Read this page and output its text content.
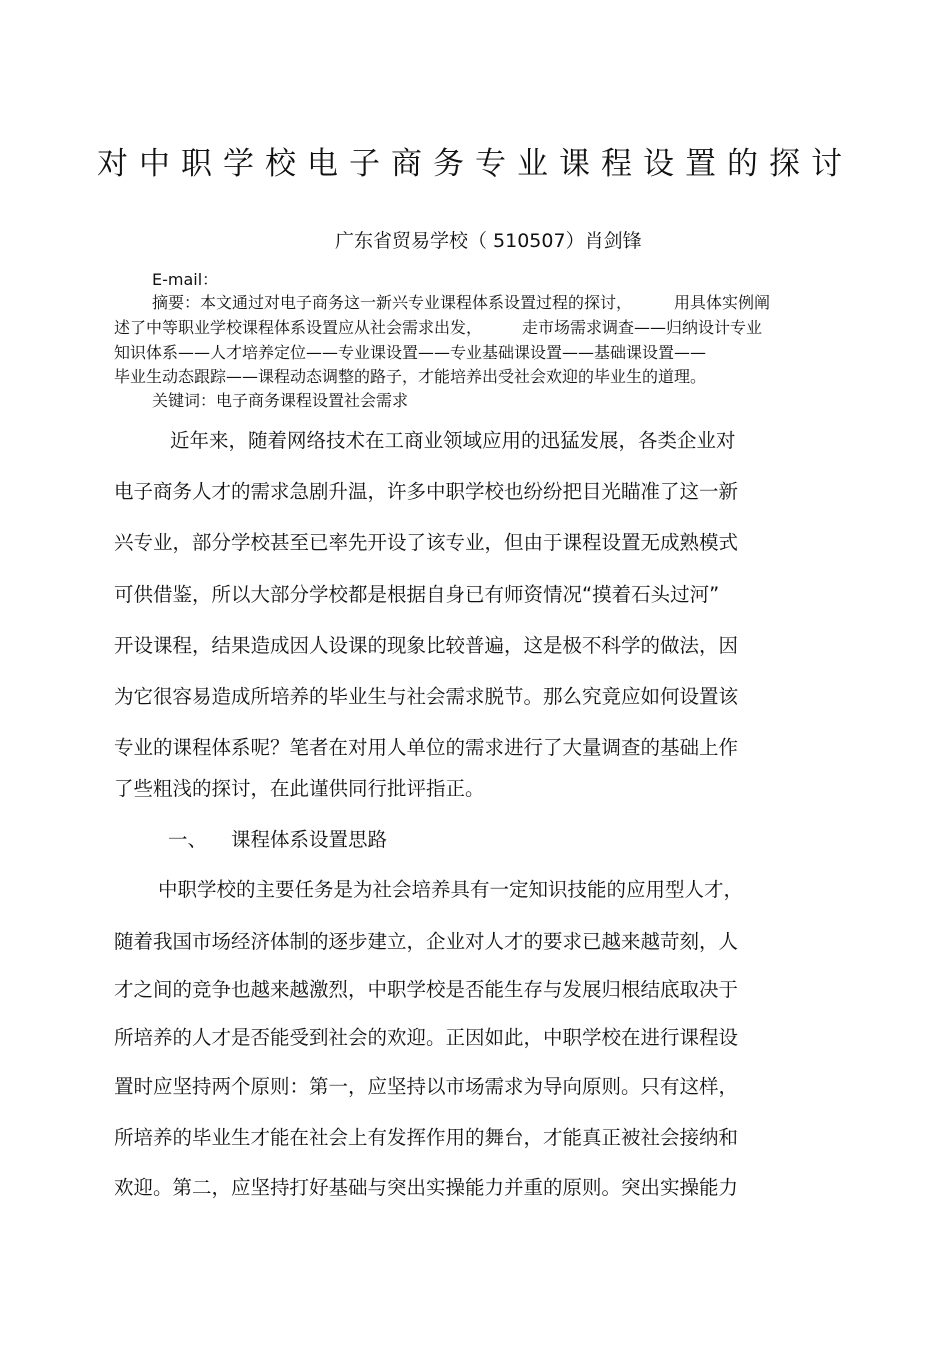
对中职学校电子商务专业课程设置的探讨
广东省贸易学校（ 510507）肖剑锋
E-mail：
摘要：本文通过对电子商务这一新兴专业课程体系设置过程的探讨，	用具体实例阐
述了中等职业学校课程体系设置应从社会需求出发，	走市场需求调查——归纳设计专业
知识体系——人才培养定位——专业课设置——专业基础课设置——基础课设置——
毕业生动态跟踪——课程动态调整的路子，才能培养出受社会欢迎的毕业生的道理。
关键词：电子商务课程设置社会需求
近年来，随着网络技术在工商业领域应用的迅猛发展，各类企业对
电子商务人才的需求急剧升温，许多中职学校也纷纷把目光瞄准了这一新
兴专业，部分学校甚至已率先开设了该专业，但由于课程设置无成熟模式
可供借鉴，所以大部分学校都是根据自身已有师资情况“摸着石头过河”
开设课程，结果造成因人设课的现象比较普遍，这是极不科学的做法，因
为它很容易造成所培养的毕业生与社会需求脱节。那么究竟应如何设置该
专业的课程体系呢？笔者在对用人单位的需求进行了大量调查的基础上作
了些粗浅的探讨，在此谨供同行批评指正。
一、 课程体系设置思路
中职学校的主要任务是为社会培养具有一定知识技能的应用型人才，
随着我国市场经济体制的逐步建立，企业对人才的要求已越来越苛刻，人
才之间的竞争也越来越激烈，中职学校是否能生存与发展归根结底取决于
所培养的人才是否能受到社会的欢迎。正因如此，中职学校在进行课程设
置时应坚持两个原则：第一，应坚持以市场需求为导向原则。只有这样，
所培养的毕业生才能在社会上有发挥作用的舞台，才能真正被社会接纳和
欢迎。第二，应坚持打好基础与突出实操能力并重的原则。突出实操能力
